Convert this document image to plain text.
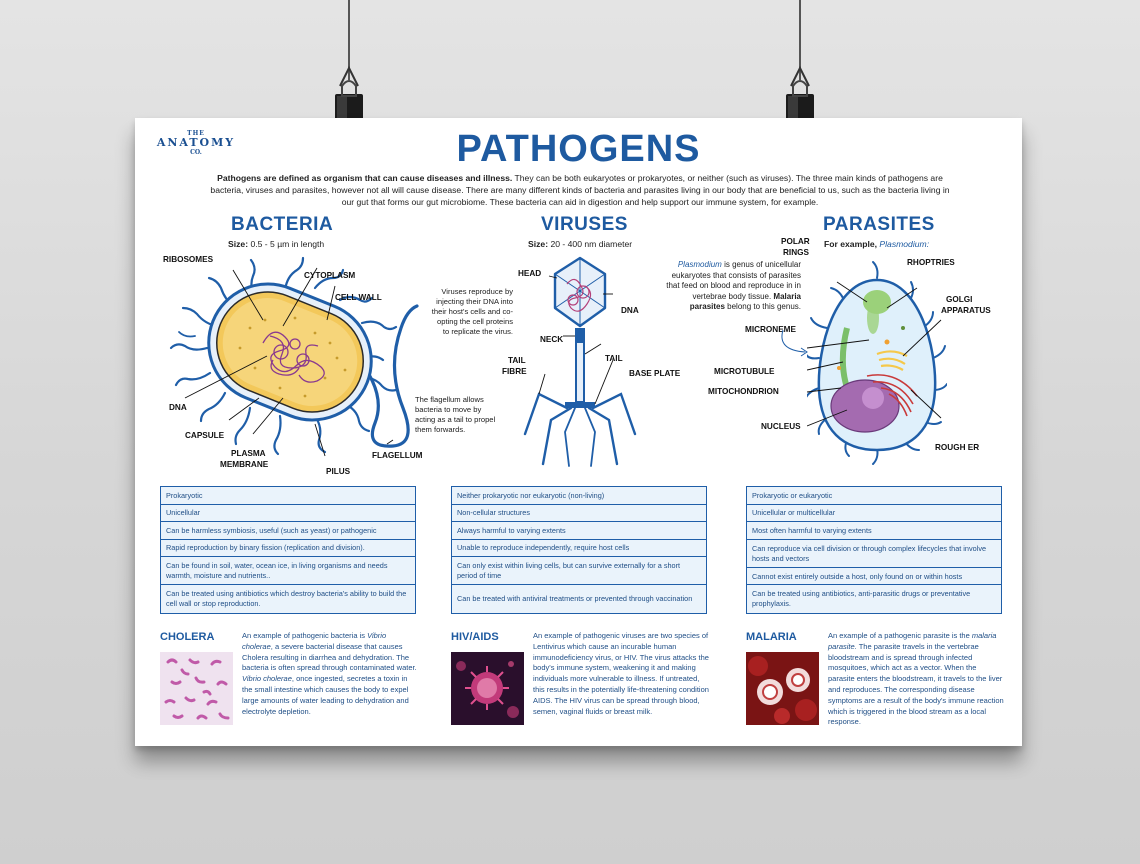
THE
ANATOMY
CO.	PATHOGENS
Pathogens are defined as organism that can cause diseases and illness. They can be both eukaryotes or prokaryotes, or neither (such as viruses). The three main kinds of pathogens are bacteria, viruses and parasites, however not all will cause disease. There are many different kinds of bacteria and parasites living in our body that are beneficial to us, such as the bacteria living in our gut that forms our gut microbiome. These bacteria can aid in digestion and help support our immune system, for example.
BACTERIA
Size: 0.5 - 5 µm in length
VIRUSES
Size: 20 - 400 nm diameter
PARASITES
For example, Plasmodium:
RIBOSOMES
CYTOPLASM
CELL WALL
DNA
CAPSULE
PLASMA
MEMBRANE
PILUS
FLAGELLUM
The flagellum allows bacteria to move by acting as a tail to propel them forwards.
HEAD
DNA
NECK
TAIL
TAIL
FIBRE	BASE PLATE
Viruses reproduce by injecting their DNA into their host's cells and co-opting the cell proteins to replicate the virus.
POLAR
RINGS
RHOPTRIES
GOLGI
APPARATUS
MICRONEME
MICROTUBULE
MITOCHONDRION
NUCLEUS
ROUGH ER
Plasmodium is genus of unicellular eukaryotes that consists of parasites that feed on blood and reproduce in in vertebrae body tissue. Malaria parasites belong to this genus.
Prokaryotic
Unicellular
Can be harmless symbiosis, useful (such as yeast) or pathogenic
Rapid reproduction by binary fission (replication and division).
Can be found in soil, water, ocean ice, in living organisms and needs warmth, moisture and nutrients..
Can be treated using antibiotics which destroy bacteria's ability to build the cell wall or stop reproduction.
Neither prokaryotic nor eukaryotic (non-living)
Non-cellular structures
Always harmful to varying extents
Unable to reproduce independently, require host cells
Can only exist within living cells, but can survive externally for a short period of time
Can be treated with antiviral treatments or prevented through vaccination
Prokaryotic or eukaryotic
Unicellular or multicellular
Most often harmful to varying extents
Can reproduce via cell division or through complex lifecycles that involve hosts and vectors
Cannot exist entirely outside a host, only found on or within hosts
Can be treated using antibiotics, anti-parasitic drugs or preventative prophylaxis.
CHOLERA	An example of pathogenic bacteria is Vibrio cholerae, a severe bacterial disease that causes Cholera resulting in diarrhea and dehydration. The bacteria is often spread through contaminated water. Vibrio cholerae, once ingested, secretes a toxin in the small intestine which causes the body to expel large amounts of water leading to dehydration and electrolyte depletion.
HIV/AIDS	An example of pathogenic viruses are two species of Lentivirus which cause an incurable human immunodeficiency virus, or HIV. The virus attacks the body's immune system, weakening it and making individuals more vulnerable to illness. If untreated, this results in the potentially life-threatening condition AIDS. The HIV virus can be spread through blood, semen, vaginal fluids or breast milk.
MALARIA	An example of a pathogenic parasite is the malaria parasite. The parasite travels in the vertebrae bloodstream and is spread through infected mosquitoes, which act as a vector. When the parasite enters the bloodstream, it travels to the liver and reproduces. The corresponding disease symptoms are a result of the body's immune reaction which is triggered in the blood stream as a local response.
